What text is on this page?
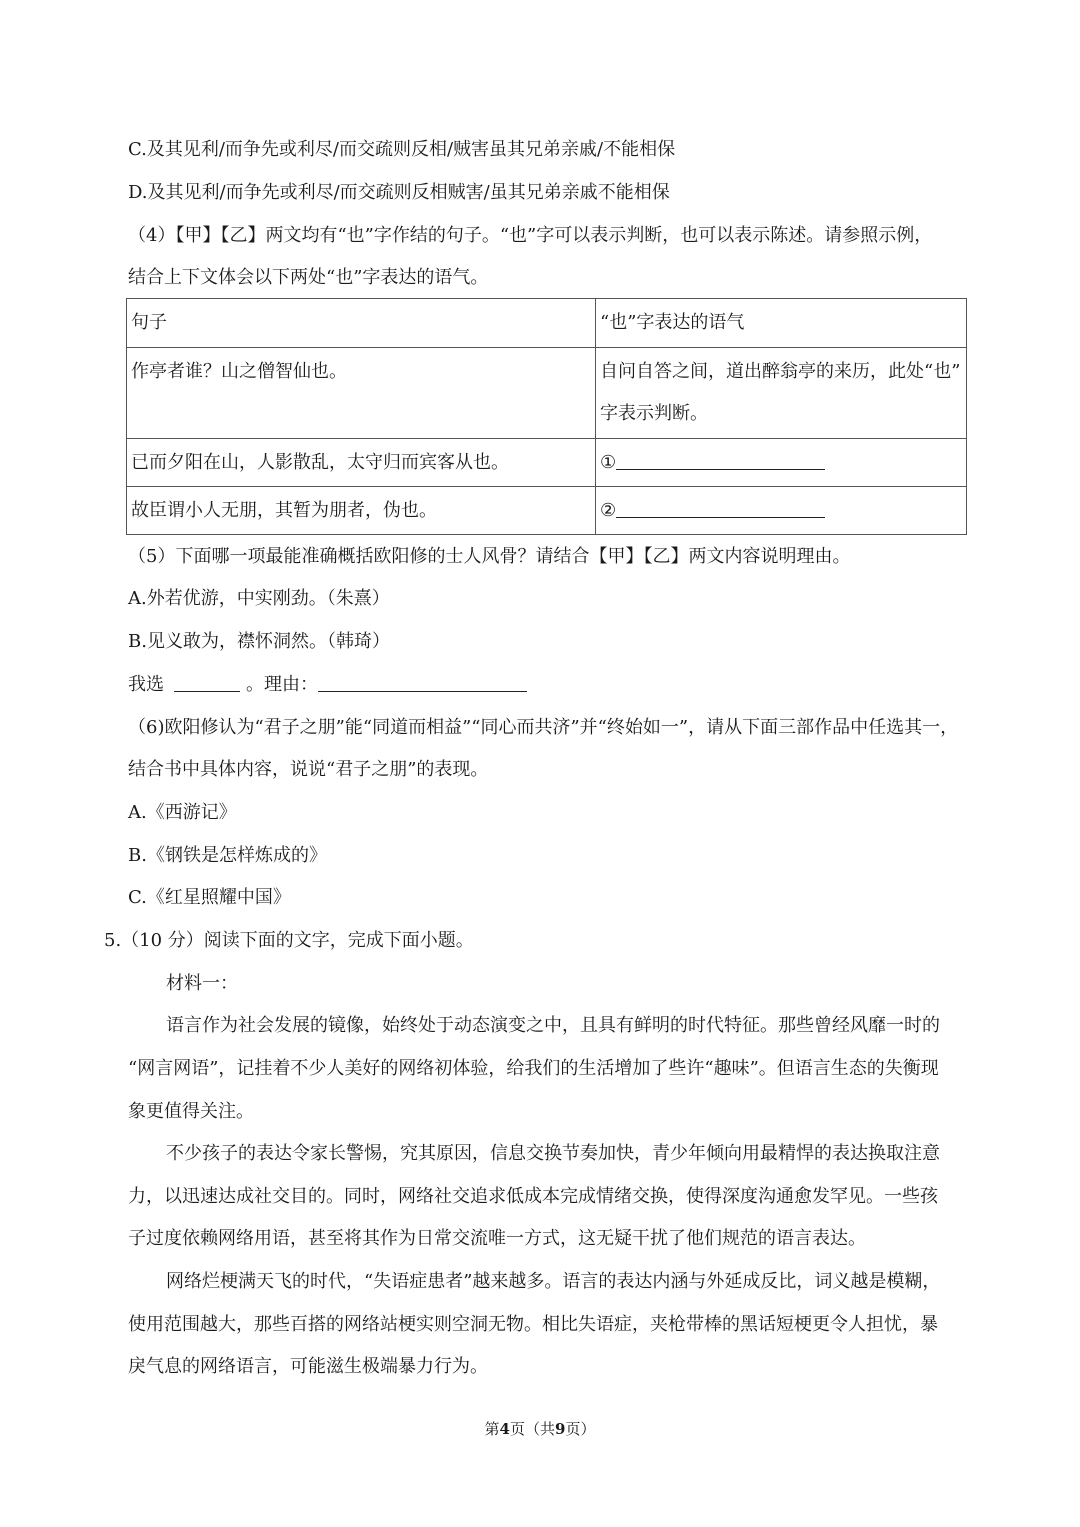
C.及其见利/而争先或利尽/而交疏则反相/贼害虽其兄弟亲戚/不能相保
D.及其见利/而争先或利尽/而交疏则反相贼害/虽其兄弟亲戚不能相保
（4）【甲】【乙】两文均有“也”字作结的句子。“也”字可以表示判断，也可以表示陈述。请参照示例，
结合上下文体会以下两处“也”字表达的语气。
句子	“也”字表达的语气
作亭者谁？山之僧智仙也。	自问自答之间，道出醉翁亭的来历，此处“也”
字表示判断。

已而夕阳在山，人影散乱，太守归而宾客从也。	①
故臣谓小人无朋，其暂为朋者，伪也。	②
（5）下面哪一项最能准确概括欧阳修的士人风骨？请结合【甲】【乙】两文内容说明理由。
A.外若优游，中实刚劲。（朱熹）
B.见义敢为，襟怀洞然。（韩琦）
我选	。理由：
（6)欧阳修认为“君子之朋”能“同道而相益”“同心而共济”并“终始如一”，请从下面三部作品中任选其一，
结合书中具体内容，说说“君子之朋”的表现。
A.《西游记》
B.《钢铁是怎样炼成的》
C.《红星照耀中国》
5.（10 分）阅读下面的文字，完成下面小题。
材料一：
语言作为社会发展的镜像，始终处于动态演变之中，且具有鲜明的时代特征。那些曾经风靡一时的
“网言网语”，记挂着不少人美好的网络初体验，给我们的生活增加了些许“趣味”。但语言生态的失衡现
象更值得关注。
不少孩子的表达令家长警惕，究其原因，信息交换节奏加快，青少年倾向用最精悍的表达换取注意
力，以迅速达成社交目的。同时，网络社交追求低成本完成情绪交换，使得深度沟通愈发罕见。一些孩
子过度依赖网络用语，甚至将其作为日常交流唯一方式，这无疑干扰了他们规范的语言表达。
网络烂梗满天飞的时代，“失语症患者”越来越多。语言的表达内涵与外延成反比，词义越是模糊，
使用范围越大，那些百搭的网络站梗实则空洞无物。相比失语症，夹枪带棒的黑话短梗更令人担忧，暴
戾气息的网络语言，可能滋生极端暴力行为。
第4页（共9页）
